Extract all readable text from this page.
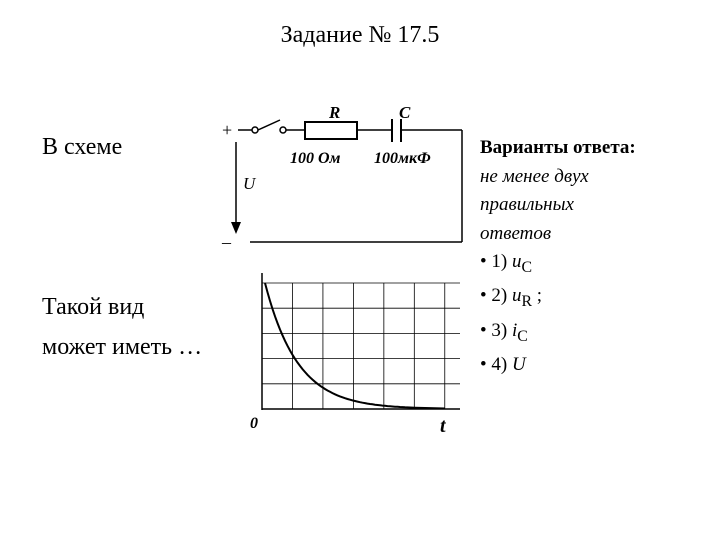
Задание № 17.5
В схеме
Такой вид
может иметь …
+
–
U
R
100 Ом
C
100мкФ
0	t
Варианты ответа:
не менее двух
правильных
ответов
• 1) $u_C$
• 2) $u_R$ ;
• 3) $i_C$
• 4) U
